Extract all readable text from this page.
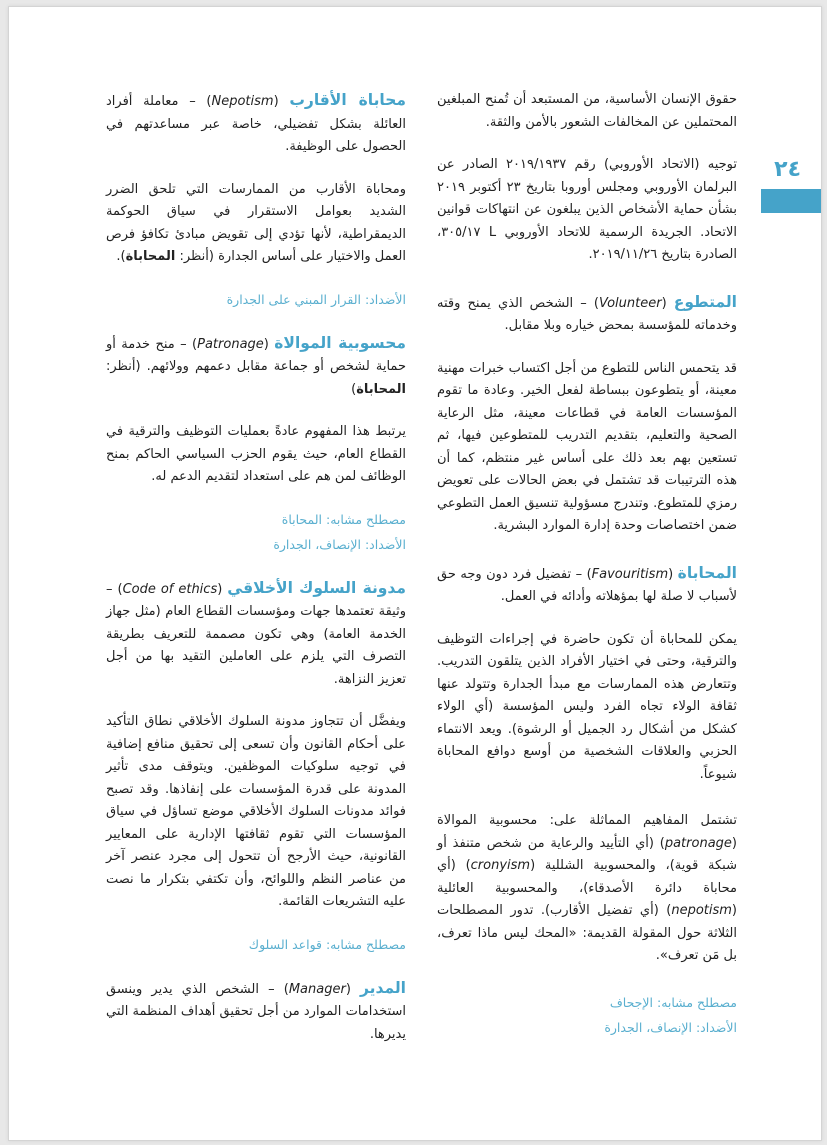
٢٤

حقوق الإنسان الأساسية، من المستبعد أن تُمنح المبلغين المحتملين عن المخالفات الشعور بالأمن والثقة.

توجيه (الاتحاد الأوروبي) رقم ٢٠١٩/١٩٣٧ الصادر عن البرلمان الأوروبي ومجلس أوروبا بتاريخ ٢٣ أكتوبر ٢٠١٩ بشأن حماية الأشخاص الذين يبلغون عن انتهاكات قوانين الاتحاد. الجريدة الرسمية للاتحاد الأوروبي L ٣٠٥/١٧، الصادرة بتاريخ ٢٠١٩/١١/٢٦.

المتطوع (Volunteer) – الشخص الذي يمنح وقته وخدماته للمؤسسة بمحض خياره وبلا مقابل.

قد يتحمس الناس للتطوع من أجل اكتساب خبرات مهنية معينة، أو يتطوعون ببساطة لفعل الخير. وعادة ما تقوم المؤسسات العامة في قطاعات معينة، مثل الرعاية الصحية والتعليم، بتقديم التدريب للمتطوعين فيها، ثم تستعين بهم بعد ذلك على أساس غير منتظم، كما أن هذه الترتيبات قد تشتمل في بعض الحالات على تعويض رمزي للمتطوع. وتندرج مسؤولية تنسيق العمل التطوعي ضمن اختصاصات وحدة إدارة الموارد البشرية.

المحاباة (Favouritism) – تفضيل فرد دون وجه حق لأسباب لا صلة لها بمؤهلاته وأدائه في العمل.

يمكن للمحاباة أن تكون حاضرة في إجراءات التوظيف والترقية، وحتى في اختيار الأفراد الذين يتلقون التدريب. وتتعارض هذه الممارسات مع مبدأ الجدارة وتتولد عنها ثقافة الولاء تجاه الفرد وليس المؤسسة (أي الولاء كشكل من أشكال رد الجميل أو الرشوة). ويعد الانتماء الحزبي والعلاقات الشخصية من أوسع دوافع المحاباة شيوعاً.

تشتمل المفاهيم المماثلة على: محسوبية الموالاة (patronage) (أي التأييد والرعاية من شخص متنفذ أو شبكة قوية)، والمحسوبية الشللية (cronyism) (أي محاباة دائرة الأصدقاء)، والمحسوبية العائلية (nepotism) (أي تفضيل الأقارب). تدور المصطلحات الثلاثة حول المقولة القديمة: «المحك ليس ماذا تعرف، بل مَن تعرف».

مصطلح مشابه: الإجحاف
الأضداد: الإنصاف، الجدارة

محاباة الأقارب (Nepotism) – معاملة أفراد العائلة بشكل تفضيلي، خاصة عبر مساعدتهم في الحصول على الوظيفة.

ومحاباة الأقارب من الممارسات التي تلحق الضرر الشديد بعوامل الاستقرار في سياق الحوكمة الديمقراطية، لأنها تؤدي إلى تقويض مبادئ تكافؤ فرص العمل والاختيار على أساس الجدارة (أنظر: المحاباة).

الأضداد: القرار المبني على الجدارة

محسوبية الموالاة (Patronage) – منح خدمة أو حماية لشخص أو جماعة مقابل دعمهم وولائهم. (أنظر: المحاباة)

يرتبط هذا المفهوم عادةً بعمليات التوظيف والترقية في القطاع العام، حيث يقوم الحزب السياسي الحاكم بمنح الوظائف لمن هم على استعداد لتقديم الدعم له.

مصطلح مشابه: المحاباة
الأضداد: الإنصاف، الجدارة

مدونة السلوك الأخلاقي (Code of ethics) – وثيقة تعتمدها جهات ومؤسسات القطاع العام (مثل جهاز الخدمة العامة) وهي تكون مصممة للتعريف بطريقة التصرف التي يلزم على العاملين التقيد بها من أجل تعزيز النزاهة.

ويفضَّل أن تتجاوز مدونة السلوك الأخلاقي نطاق التأكيد على أحكام القانون وأن تسعى إلى تحقيق منافع إضافية في توجيه سلوكيات الموظفين. ويتوقف مدى تأثير المدونة على قدرة المؤسسات على إنفاذها. وقد تصبح فوائد مدونات السلوك الأخلاقي موضع تساؤل في سياق المؤسسات التي تقوم ثقافتها الإدارية على المعايير القانونية، حيث الأرجح أن تتحول إلى مجرد عنصر آخر من عناصر النظم واللوائح، وأن تكتفي بتكرار ما نصت عليه التشريعات القائمة.

مصطلح مشابه: قواعد السلوك

المدير (Manager) – الشخص الذي يدير وينسق استخدامات الموارد من أجل تحقيق أهداف المنظمة التي يديرها.
